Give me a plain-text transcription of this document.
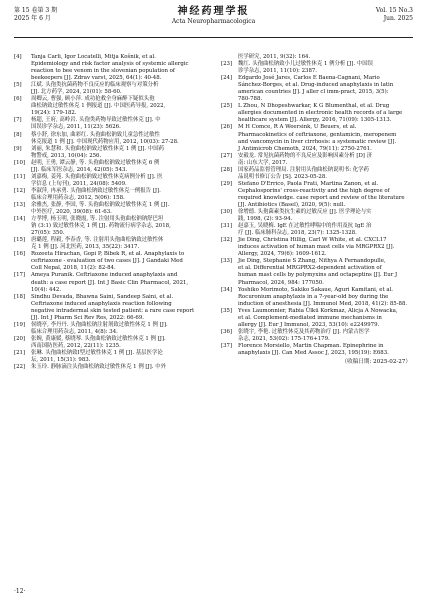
第 15 卷第 3 期
2025 年 6 月
神经药理学报
Acta Neuropharmacologica
Vol. 15 No.3
Jun. 2025
[4]	Tanja Carli, Igor Locatelli, Mitja Košnik, et al.
Epidemiology and risk factor analysis of systemic allergic
reaction to bee venom in the slovenian population of
beekeepers [J]. Zdrav varst, 2025, 64(1): 40-48.
[5]	江斌. 头孢类抗菌药物不良反应的临床观察与对策分析
[J]. 北方药学, 2024, 21(01): 58-60.
[6]	周卿云, 曹强, 顾小萍. 成功抢救全身麻醉下疑似头孢
曲松钠致过敏性休克 1 例报道 [J]. 中国医药导报, 2022,
19(24): 179-182.
[7]	杨超, 王府, 高岭岩. 头孢类药物导致过敏性休克 [J]. 中
国误诊学杂志, 2011, 11(23): 5626.
[8]	蔡小舒, 徐东加, 曲彩红. 头孢曲松钠致儿童急性过敏性
休克报道 1 例 [J]. 中国现代药物应用, 2012, 10(03): 27-28.
[9]	刘丽, 朱慧和. 头孢曲松钠致过敏性休克 1 例 [J]. 中国药
物警戒, 2013, 10(04): 256.
[10]	赵明, 王勇, 谭云静, 等. 头孢曲松钠致过敏性休克 6 例
[J]. 临床军医杂志, 2014, 42(05): 543.
[11]	刘嘉梅, 姜苑. 头孢曲松钠致过敏性休克病例分析 [J]. 医
学信息 (上旬刊), 2011, 24(08): 5409.
[12]	李淑萍, 冉承勇. 头孢曲松钠致过敏性休克一例报告 [J].
临床合理用药杂志, 2012, 5(06): 158.
[13]	余雅杰, 张静, 李国, 等. 头孢曲松钠致过敏性休克 1 例 [J].
中外医疗, 2020, 39(08): 61-63.
[14]	方孝博, 杨玉明, 张晓霞, 等. 注射用头孢曲松钠钠舒巴坦
钠 (3:1) 致过敏性休克 1 例 [J]. 药物流行病学杂志, 2018,
27(05): 350.
[15]	唐璐莲, 程毅, 李春香, 等. 注射用头孢曲松钠致过敏性休
克 1 例 [J]. 河北医药, 2013, 35(22): 3417.
[16]	Rozeeta Hirachan, Gopi P, Bibek R, et al. Anaphylaxis to
ceftriaxone - evaluation of two cases [J]. J Gandaki Med
Coll Nepal, 2018, 11(2): 82-84.
[17]	Ameya Puranik. Ceftriaxone induced anaphylaxis and
death: a case report [J]. Int J Basic Clin Pharmacol, 2021,
10(4): 442.
[18]	Sindhu Devada, Bhawna Saini, Sandeep Saini, et al.
Ceftriaxone induced anaphylaxis reaction following
negative intradermal skin tested patient: a rare case report
[J]. Int J Pharm Sci Rev Res, 2022: 66-69.
[19]	侯晓亭, 李丹丹. 头孢曲松钠注射剂致过敏性休克 1 例 [J].
临床合理用药杂志, 2011, 4(8): 34.
[20]	张婉, 黄康媛, 蔡晓琴. 头孢曲松钠致过敏性休克 1 例 [J].
西南国防医药, 2012, 22(11): 1235.
[21]	张琳. 头孢曲松钠致Ⅰ型过敏性休克 1 例 [J]. 基层医学论
坛, 2011, 15(31): 983.
[22]	朱玉玲. 静脉滴注头孢曲松钠致过敏性休克 1 例 [J]. 中外
医学研究, 2011, 9(32): 164.
[23]	魏红. 头孢曲松钠致小儿过敏性休克 1 例分析 [J]. 中国误
诊学杂志, 2011, 11(10): 2387.
[24]	Edgardo José Jares, Carlos E Baena-Cagnani, Mario
Sánchez-Borges, et al. Drug-induced anaphylaxis in latin
american countries [J]. J aller cl imm-pract, 2015, 3(5):
780-788.
[25]	L Zhou, N Dhopeshwarkar, K G Blumenthal, et al. Drug
allergies documented in electronic health records of a large
healthcare system [J]. Allergy, 2016, 71(09): 1305-1313.
[26]	M H Comce, R A Weersink, U Beuers, et al.
Pharmacokinetics of ceftriaxone, gentamicin, meropenem
and vancomycin in liver cirrhosis: a systematic review [J].
J Antimicrob Chemoth, 2024, 79(11): 2750-2761.
[27]	安毅龙. 常见抗菌药物的不良反应及影响因素分析 [D] 济
南: 山东大学, 2017.
[28]	国家药品监督管理局. 注射用头孢曲松钠说明书: 化学药
品说明书修订公告 [S]. 2023-05-28.
[29]	Stefano D'Errico, Paola Frati, Martina Zanon, et al.
Cephalosporins' cross-reactivity and the high degree of
required knowledge. case report and review of the literature
[J]. Antibiotics (Basel), 2020, 9(5): null.
[30]	徐增德. 头孢菌素类抗生素的过敏反应 [J]. 医学理论与实
践, 1998, (2): 93-94.
[31]	赵嘉玉, 吴晓梅. IgE 在过敏性哮喘中的作用及抗 IgE 治
疗 [J]. 临床肺科杂志, 2018, 23(7): 1325-1328.
[32]	Jie Ding, Christina Hillig, Carl W White, et al. CXCL17
induces activation of human mast cells via MRGPRX2 [J].
Allergy, 2024, 79(6): 1609-1612.
[33]	Jie Ding, Stephanie S Zhang, Nithya A Fernandopulle,
et al. Differential MRGPRX2-dependent activation of
human mast cells by polymyxins and octapeptins [J]. Eur J
Pharmacol, 2024, 984: 177050.
[34]	Yoshiko Morimoto, Sakiko Sakaue, Aguri Kamitani, et al.
Rocuronium anaphylaxis in a 7-year-old boy during the
induction of anesthesia [J]. Immunol Med, 2018, 41(2): 85-88.
[35]	Yves Laumonnier, Rabia Ülkü Korkmaz, Alicja A Nowacka,
et al. Complement-mediated immune mechanisms in
allergy [J]. Eur J Immunol, 2023, 53(10): e2249979.
[36]	张晓宇, 李艳. 过敏性休克及其药物治疗 [J]. 内蒙古医学
杂志, 2021, 53(02): 175-176+179.
[37]	Florence Morsiello, Martin Chapman. Epinephrine in
anaphylaxis [J]. Can Med Assoc J, 2023, 195(19): E683.
（收稿日期: 2025-02-27）
·12·
